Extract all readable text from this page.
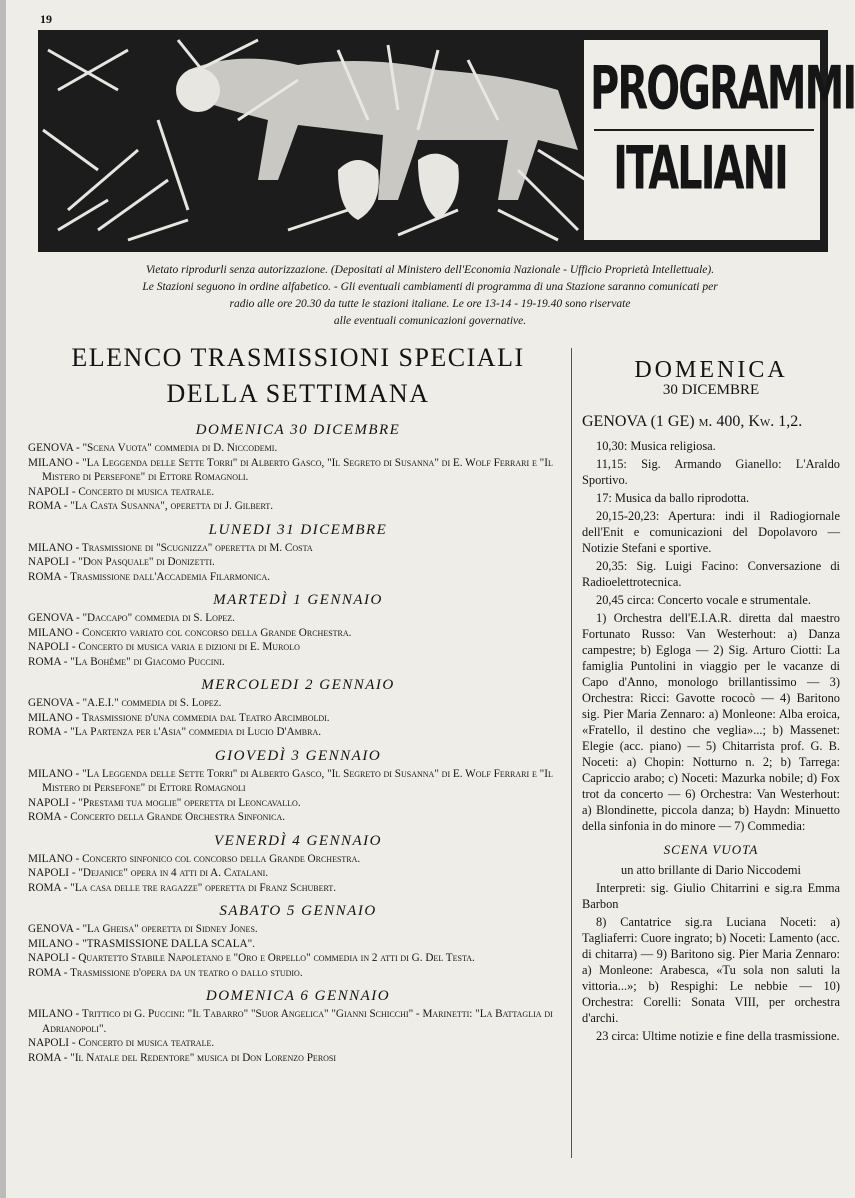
19
PROGRAMMI
ITALIANI
Vietato riprodurli senza autorizzazione. (Depositati al Ministero dell'Economia Nazionale - Ufficio Proprietà Intellettuale).
Le Stazioni seguono in ordine alfabetico. - Gli eventuali cambiamenti di programma di una Stazione saranno comunicati per
radio alle ore 20.30 da tutte le stazioni italiane. Le ore 13-14 - 19-19.40 sono riservate
alle eventuali comunicazioni governative.
ELENCO TRASMISSIONI SPECIALI
DELLA SETTIMANA
DOMENICA 30 DICEMBRE

GENOVA - "Scena Vuota" commedia di D. Niccodemi.

MILANO - "La Leggenda delle Sette Torri" di Alberto Gasco, "Il Segreto di Susanna" di E. Wolf Ferrari e "Il Mistero di Persefone" di Ettore Romagnoli.

NAPOLI - Concerto di musica teatrale.

ROMA - "La Casta Susanna", operetta di J. Gilbert.

LUNEDI 31 DICEMBRE

MILANO - Trasmissione di "Scugnizza" operetta di M. Costa

NAPOLI - "Don Pasquale" di Donizetti.

ROMA - Trasmissione dall'Accademia Filarmonica.

MARTEDÌ 1 GENNAIO

GENOVA - "Daccapo" commedia di S. Lopez.

MILANO - Concerto variato col concorso della Grande Orchestra.

NAPOLI - Concerto di musica varia e dizioni di E. Murolo

ROMA - "La Bohême" di Giacomo Puccini.

MERCOLEDI 2 GENNAIO

GENOVA - "A.E.I." commedia di S. Lopez.

MILANO - Trasmissione d'una commedia dal Teatro Arcimboldi.

ROMA - "La Partenza per l'Asia" commedia di Lucio D'Ambra.

GIOVEDÌ 3 GENNAIO

MILANO - "La Leggenda delle Sette Torri" di Alberto Gasco, "Il Segreto di Susanna" di E. Wolf Ferrari e "Il Mistero di Persefone" di Ettore Romagnoli

NAPOLI - "Prestami tua moglie" operetta di Leoncavallo.

ROMA - Concerto della Grande Orchestra Sinfonica.

VENERDÌ 4 GENNAIO

MILANO - Concerto sinfonico col concorso della Grande Orchestra.

NAPOLI - "Dejanice" opera in 4 atti di A. Catalani.

ROMA - "La casa delle tre ragazze" operetta di Franz Schubert.

SABATO 5 GENNAIO

GENOVA - "La Gheisa" operetta di Sidney Jones.

MILANO - "TRASMISSIONE DALLA SCALA".

NAPOLI - Quartetto Stabile Napoletano e "Oro e Orpello" commedia in 2 atti di G. Del Testa.

ROMA - Trasmissione d'opera da un teatro o dallo studio.

DOMENICA 6 GENNAIO

MILANO - Trittico di G. Puccini: "Il Tabarro" "Suor Angelica" "Gianni Schicchi" - Marinetti: "La Battaglia di Adrianopoli".

NAPOLI - Concerto di musica teatrale.

ROMA - "Il Natale del Redentore" musica di Don Lorenzo Perosi

DOMENICA
30 DICEMBRE
GENOVA (1 GE) m. 400, Kw. 1,2.

10,30: Musica religiosa.

11,15: Sig. Armando Gianello: L'Araldo Sportivo.

17: Musica da ballo riprodotta.

20,15-20,23: Apertura: indi il Radiogiornale dell'Enit e comunicazioni del Dopolavoro — Notizie Stefani e sportive.

20,35: Sig. Luigi Facino: Conversazione di Radioelettrotecnica.

20,45 circa: Concerto vocale e strumentale.

1) Orchestra dell'E.I.A.R. diretta dal maestro Fortunato Russo: Van Westerhout: a) Danza campestre; b) Egloga — 2) Sig. Arturo Ciotti: La famiglia Puntolini in viaggio per le vacanze di Capo d'Anno, monologo brillantissimo — 3) Orchestra: Ricci: Gavotte rococò — 4) Baritono sig. Pier Maria Zennaro: a) Monleone: Alba eroica, «Fratello, il destino che veglia»...; b) Massenet: Elegie (acc. piano) — 5) Chitarrista prof. G. B. Noceti: a) Chopin: Notturno n. 2; b) Tarrega: Capriccio arabo; c) Noceti: Mazurka nobile; d) Fox trot da concerto — 6) Orchestra: Van Westerhout: a) Blondinette, piccola danza; b) Haydn: Minuetto della sinfonia in do minore — 7) Commedia:

SCENA VUOTA
un atto brillante di Dario Niccodemi

Interpreti: sig. Giulio Chitarrini e sig.ra Emma Barbon

8) Cantatrice sig.ra Luciana Noceti: a) Tagliaferri: Cuore ingrato; b) Noceti: Lamento (acc. di chitarra) — 9) Baritono sig. Pier Maria Zennaro: a) Monleone: Arabesca, «Tu sola non saluti la vittoria...»; b) Respighi: Le nebbie — 10) Orchestra: Corelli: Sonata VIII, per orchestra d'archi.

23 circa: Ultime notizie e fine della trasmissione.
